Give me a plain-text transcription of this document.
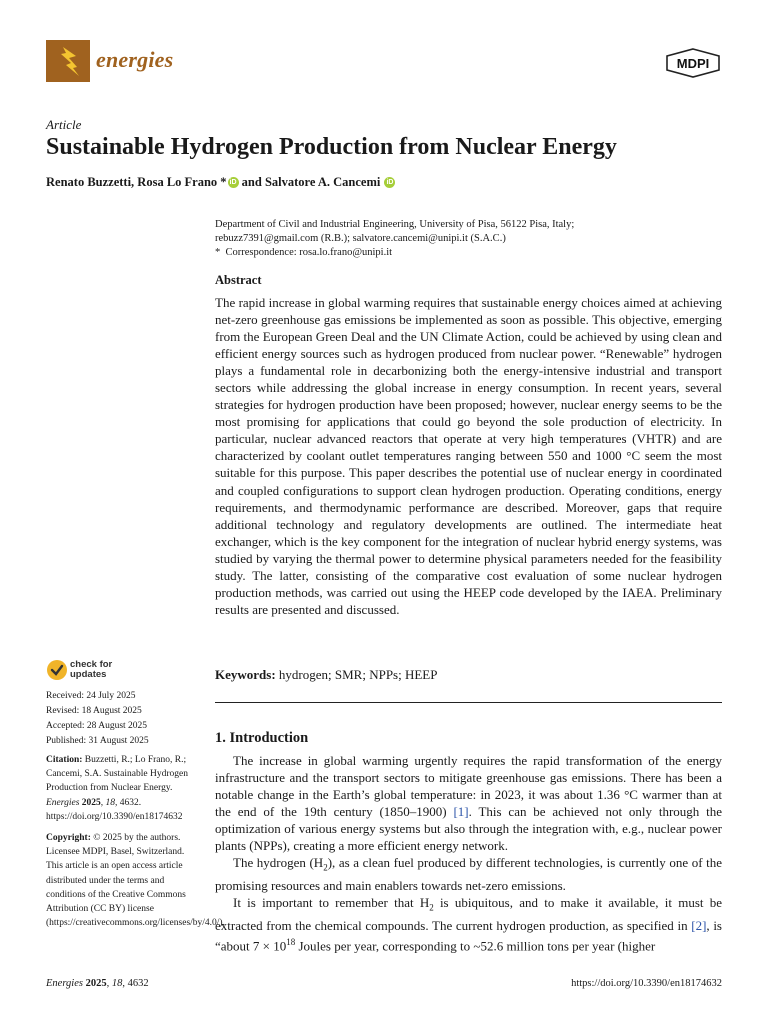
energies	MDPI
Article
Sustainable Hydrogen Production from Nuclear Energy
Renato Buzzetti, Rosa Lo Frano * iD and Salvatore A. Cancemi iD
Department of Civil and Industrial Engineering, University of Pisa, 56122 Pisa, Italy;
rebuzz7391@gmail.com (R.B.); salvatore.cancemi@unipi.it (S.A.C.)
*  Correspondence: rosa.lo.frano@unipi.it
Abstract
The rapid increase in global warming requires that sustainable energy choices aimed at achieving net-zero greenhouse gas emissions be implemented as soon as possible. This objective, emerging from the European Green Deal and the UN Climate Action, could be achieved by using clean and efficient energy sources such as hydrogen produced from nuclear power. “Renewable” hydrogen plays a fundamental role in decarbonizing both the energy-intensive industrial and transport sectors while addressing the global increase in energy consumption. In recent years, several strategies for hydrogen production have been proposed; however, nuclear energy seems to be the most promising for applications that could go beyond the sole production of electricity. In particular, nuclear advanced reactors that operate at very high temperatures (VHTR) and are characterized by coolant outlet temperatures ranging between 550 and 1000 °C seem the most suitable for this purpose. This paper describes the potential use of nuclear energy in coordinated and coupled configurations to support clean hydrogen production. Operating conditions, energy requirements, and thermodynamic performance are described. Moreover, gaps that require additional technology and regulatory developments are outlined. The intermediate heat exchanger, which is the key component for the integration of nuclear hybrid energy systems, was studied by varying the thermal power to determine physical parameters needed for the feasibility study. The latter, consisting of the comparative cost evaluation of some nuclear hydrogen production methods, was carried out using the HEEP code developed by the IAEA. Preliminary results are presented and discussed.
Keywords: hydrogen; SMR; NPPs; HEEP
1. Introduction

The increase in global warming urgently requires the rapid transformation of the energy infrastructure and the transport sectors to mitigate greenhouse gas emissions. There has been a notable change in the Earth’s global temperature: in 2023, it was about 1.36 °C warmer than at the end of the 19th century (1850–1900) [1]. This can be achieved not only through the optimization of various energy systems but also through the integration with, e.g., nuclear power plants (NPPs), creating a more efficient energy network.

The hydrogen $(H_2)$, as a clean fuel produced by different technologies, is currently one of the promising resources and main enablers towards net-zero emissions.

It is important to remember that $H_2$ is ubiquitous, and to make it available, it must be extracted from the chemical compounds. The current hydrogen production, as specified in [2], is “about $7 \times 10^{18}$ Joules per year, corresponding to ~52.6 million tons per year (higher

check for
updates
Received: 24 July 2025
Revised: 18 August 2025
Accepted: 28 August 2025
Published: 31 August 2025
Citation: Buzzetti, R.; Lo Frano, R.; Cancemi, S.A. Sustainable Hydrogen Production from Nuclear Energy. Energies 2025, 18, 4632. https://doi.org/10.3390/en18174632
Copyright: © 2025 by the authors. Licensee MDPI, Basel, Switzerland. This article is an open access article distributed under the terms and conditions of the Creative Commons Attribution (CC BY) license (https://creativecommons.org/licenses/by/4.0/).
Energies 2025, 18, 4632	https://doi.org/10.3390/en18174632
